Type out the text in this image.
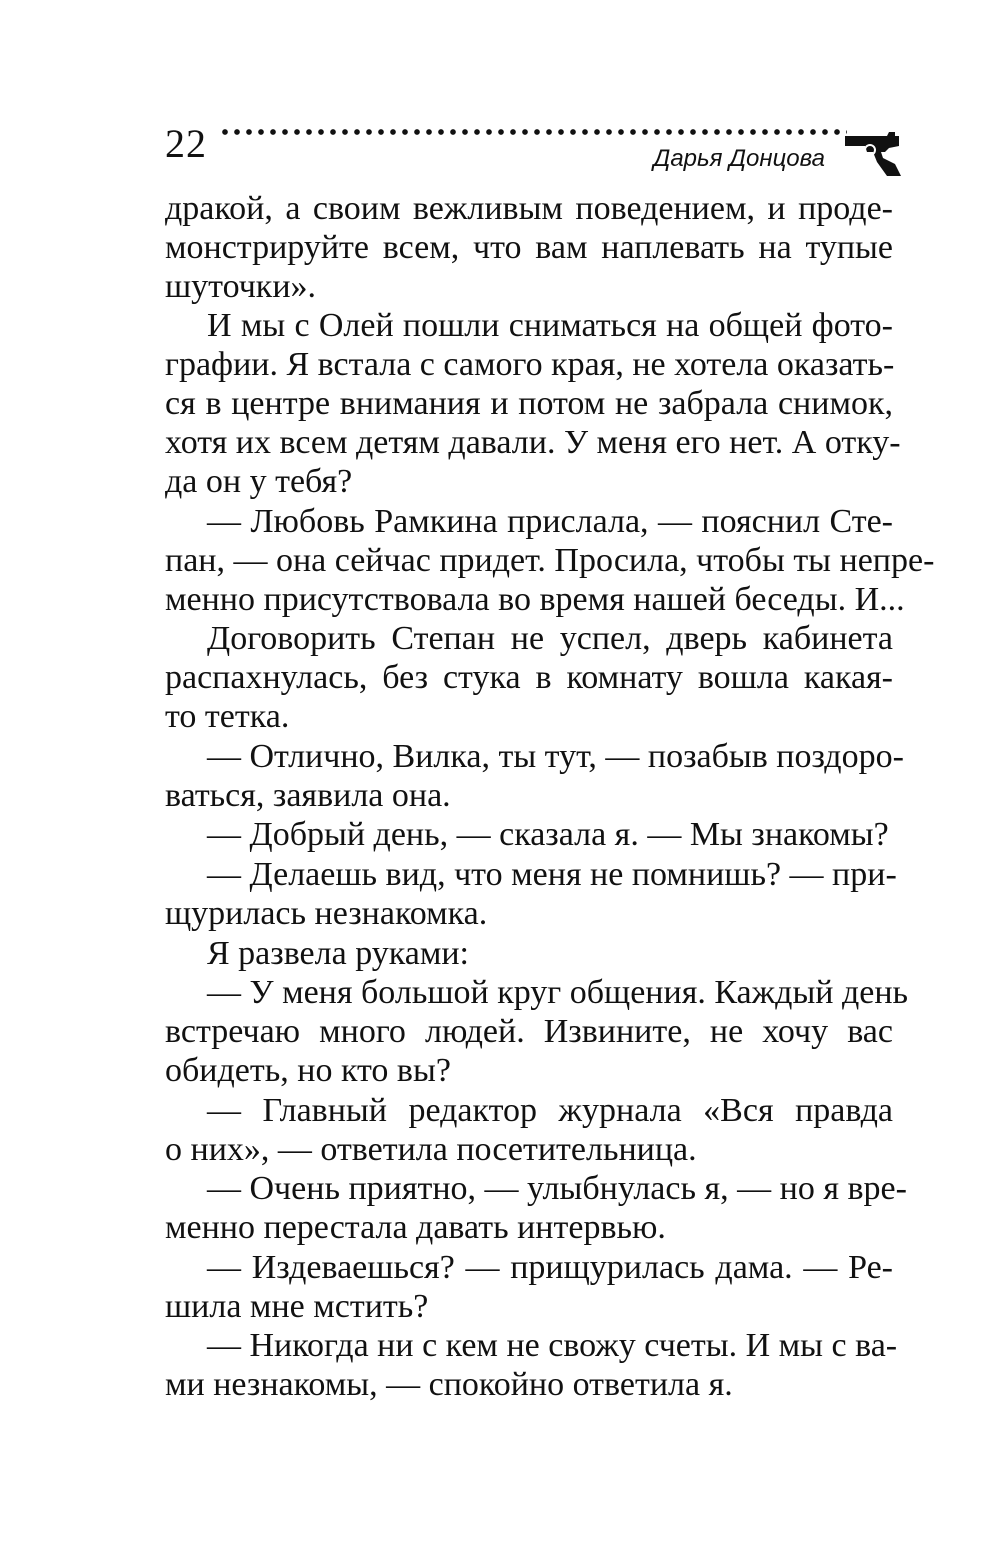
22	Дарья Донцова
дракой, а своим вежливым поведением, и проде-
монстрируйте всем, что вам наплевать на тупые
шуточки».
И мы с Олей пошли сниматься на общей фото-
графии. Я встала с самого края, не хотела оказать-
ся в центре внимания и потом не забрала снимок,
хотя их всем детям давали. У меня его нет. А отку-
да он у тебя?
— Любовь Рамкина прислала, — пояснил Сте-
пан, — она сейчас придет. Просила, чтобы ты непре-
менно присутствовала во время нашей беседы. И...
Договорить Степан не успел, дверь кабинета
распахнулась, без стука в комнату вошла какая-
то тетка.
— Отлично, Вилка, ты тут, — позабыв поздоро-
ваться, заявила она.
— Добрый день, — сказала я. — Мы знакомы?
— Делаешь вид, что меня не помнишь? — при-
щурилась незнакомка.
Я развела руками:
— У меня большой круг общения. Каждый день
встречаю много людей. Извините, не хочу вас
обидеть, но кто вы?
— Главный редактор журнала «Вся правда
о них», — ответила посетительница.
— Очень приятно, — улыбнулась я, — но я вре-
менно перестала давать интервью.
— Издеваешься? — прищурилась дама. — Ре-
шила мне мстить?
— Никогда ни с кем не свожу счеты. И мы с ва-
ми незнакомы, — спокойно ответила я.
